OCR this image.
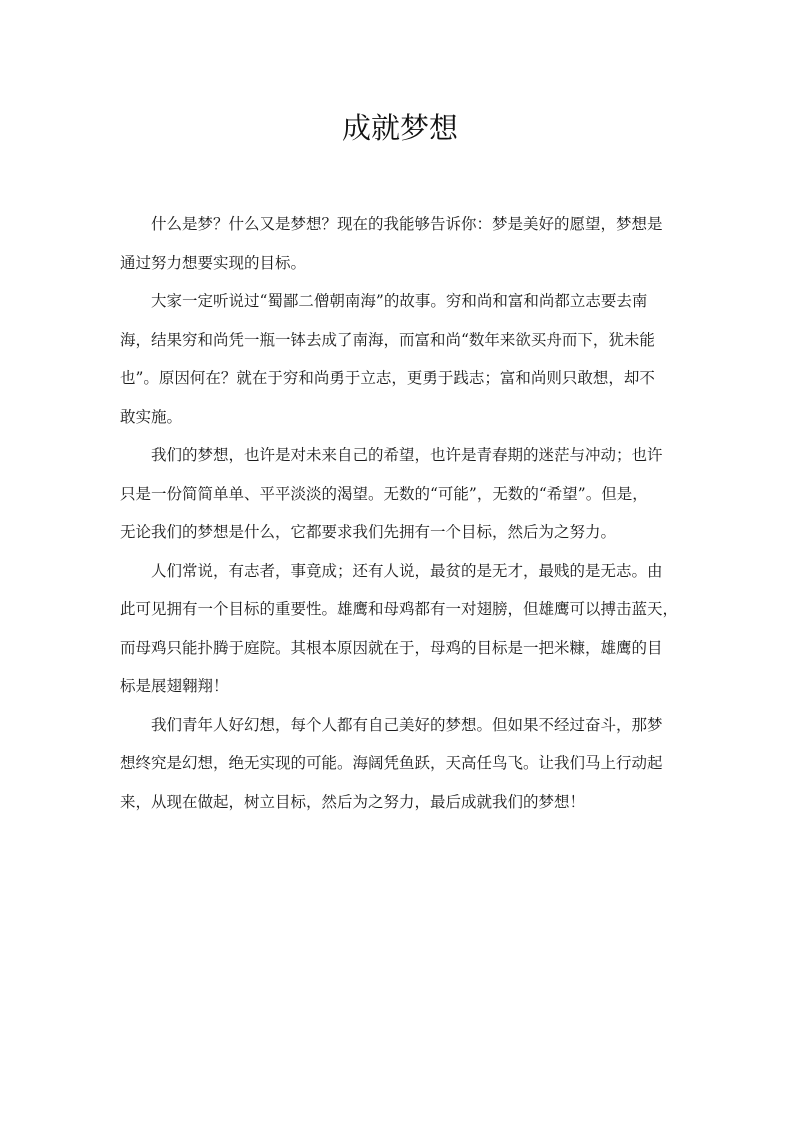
成就梦想
什么是梦？什么又是梦想？现在的我能够告诉你：梦是美好的愿望，梦想是
通过努力想要实现的目标。
大家一定听说过“蜀鄙二僧朝南海”的故事。穷和尚和富和尚都立志要去南
海，结果穷和尚凭一瓶一钵去成了南海，而富和尚“数年来欲买舟而下，犹未能
也”。原因何在？就在于穷和尚勇于立志，更勇于践志；富和尚则只敢想，却不
敢实施。
我们的梦想，也许是对未来自己的希望，也许是青春期的迷茫与冲动；也许
只是一份简简单单、平平淡淡的渴望。无数的“可能”，无数的“希望”。但是，
无论我们的梦想是什么，它都要求我们先拥有一个目标，然后为之努力。
人们常说，有志者，事竟成；还有人说，最贫的是无才，最贱的是无志。由
此可见拥有一个目标的重要性。雄鹰和母鸡都有一对翅膀，但雄鹰可以搏击蓝天，
而母鸡只能扑腾于庭院。其根本原因就在于，母鸡的目标是一把米糠，雄鹰的目
标是展翅翱翔！
我们青年人好幻想，每个人都有自己美好的梦想。但如果不经过奋斗，那梦
想终究是幻想，绝无实现的可能。海阔凭鱼跃，天高任鸟飞。让我们马上行动起
来，从现在做起，树立目标，然后为之努力，最后成就我们的梦想！
